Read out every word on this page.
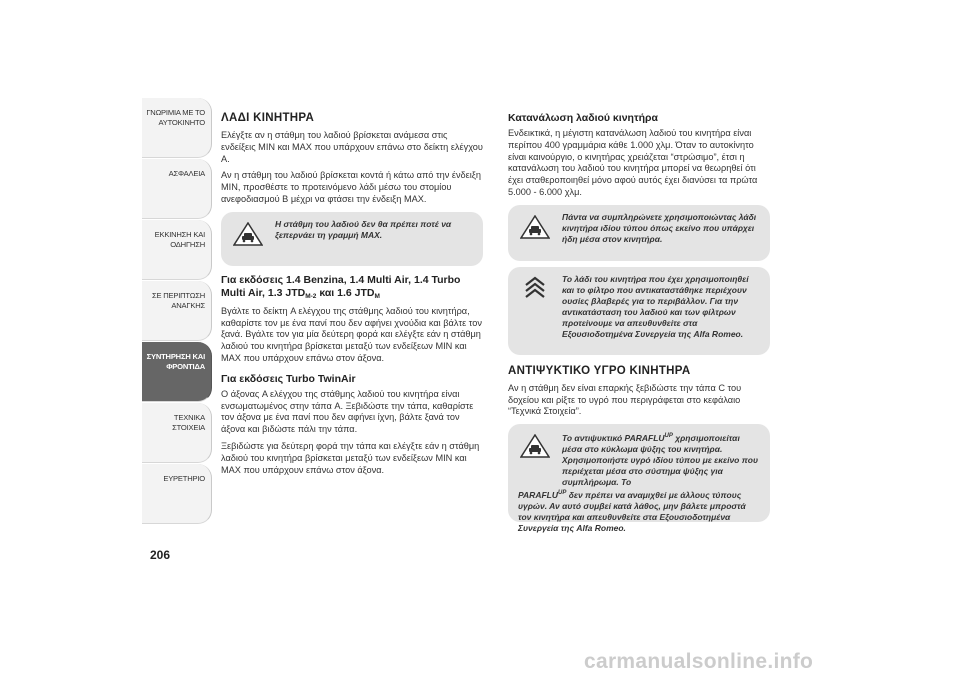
ΓΝΩΡΙΜΙΑ ΜΕ ΤΟ ΑΥΤΟΚΙΝΗΤΟ
ΑΣΦΑΛΕΙΑ
ΕΚΚΙΝΗΣΗ ΚΑΙ ΟΔΗΓΗΣΗ
ΣΕ ΠΕΡΙΠΤΩΣΗ ΑΝΑΓΚΗΣ
ΣΥΝΤΗΡΗΣΗ ΚΑΙ ΦΡΟΝΤΙΔΑ
ΤΕΧΝΙΚΑ ΣΤΟΙΧΕΙΑ
ΕΥΡΕΤΗΡΙΟ
206
ΛΑΔΙ ΚΙΝΗΤΗΡΑ

Ελέγξτε αν η στάθμη του λαδιού βρίσκεται ανάμεσα στις ενδείξεις MIN και MAX που υπάρχουν επάνω στο δείκτη ελέγχου A.

Αν η στάθμη του λαδιού βρίσκεται κοντά ή κάτω από την ένδειξη MIN, προσθέστε το προτεινόμενο λάδι μέσω του στομίου ανεφοδιασμού B μέχρι να φτάσει την ένδειξη MAX.

Η στάθμη του λαδιού δεν θα πρέπει ποτέ να ξεπερνάει τη γραμμή MAX.
Για εκδόσεις 1.4 Benzina, 1.4 Multi Air, 1.4 Turbo Multi Air, 1.3 $JTD_{M-2}$ και 1.6 $JTD_M$

Βγάλτε το δείκτη A ελέγχου της στάθμης λαδιού του κινητήρα, καθαρίστε τον με ένα πανί που δεν αφήνει χνούδια και βάλτε τον ξανά. Βγάλτε τον για μία δεύτερη φορά και ελέγξτε εάν η στάθμη λαδιού του κινητήρα βρίσκεται μεταξύ των ενδείξεων MIN και MAX που υπάρχουν επάνω στον άξονα.

Για εκδόσεις Turbo TwinAir

Ο άξονας A ελέγχου της στάθμης λαδιού του κινητήρα είναι ενσωματωμένος στην τάπα A. Ξεβιδώστε την τάπα, καθαρίστε τον άξονα με ένα πανί που δεν αφήνει ίχνη, βάλτε ξανά τον άξονα και βιδώστε πάλι την τάπα.

Ξεβιδώστε για δεύτερη φορά την τάπα και ελέγξτε εάν η στάθμη λαδιού του κινητήρα βρίσκεται μεταξύ των ενδείξεων MIN και MAX που υπάρχουν επάνω στον άξονα.

Κατανάλωση λαδιού κινητήρα

Ενδεικτικά, η μέγιστη κατανάλωση λαδιού του κινητήρα είναι περίπου 400 γραμμάρια κάθε 1.000 χλμ. Όταν το αυτοκίνητο είναι καινούργιο, ο κινητήρας χρειάζεται “στρώσιμο”, έτσι η κατανάλωση του λαδιού του κινητήρα μπορεί να θεωρηθεί ότι έχει σταθεροποιηθεί μόνο αφού αυτός έχει διανύσει τα πρώτα 5.000 - 6.000 χλμ.

Πάντα να συμπληρώνετε χρησιμοποιώντας λάδι κινητήρα ιδίου τύπου όπως εκείνο που υπάρχει ήδη μέσα στον κινητήρα.
Το λάδι του κινητήρα που έχει χρησιμοποιηθεί και το φίλτρο που αντικαταστάθηκε περιέχουν ουσίες βλαβερές για το περιβάλλον. Για την αντικατάσταση του λαδιού και των φίλτρων προτείνουμε να απευθυνθείτε στα Εξουσιοδοτημένα Συνεργεία της Alfa Romeo.
ΑΝΤΙΨΥΚΤΙΚΟ ΥΓΡΟ ΚΙΝΗΤΗΡΑ

Αν η στάθμη δεν είναι επαρκής ξεβιδώστε την τάπα C του δοχείου και ρίξτε το υγρό που περιγράφεται στο κεφάλαιο “Τεχνικά Στοιχεία”.

Το αντιψυκτικό $PARAFLU^{UP}$ χρησιμοποιείται μέσα στο κύκλωμα ψύξης του κινητήρα. Χρησιμοποιήστε υγρό ιδίου τύπου με εκείνο που περιέχεται μέσα στο σύστημα ψύξης για συμπλήρωμα. Το
$PARAFLU^{UP}$ δεν πρέπει να αναμιχθεί με άλλους τύπους υγρών. Αν αυτό συμβεί κατά λάθος, μην βάλετε μπροστά τον κινητήρα και απευθυνθείτε στα Εξουσιοδοτημένα Συνεργεία της Alfa Romeo.
carmanualsonline.info
